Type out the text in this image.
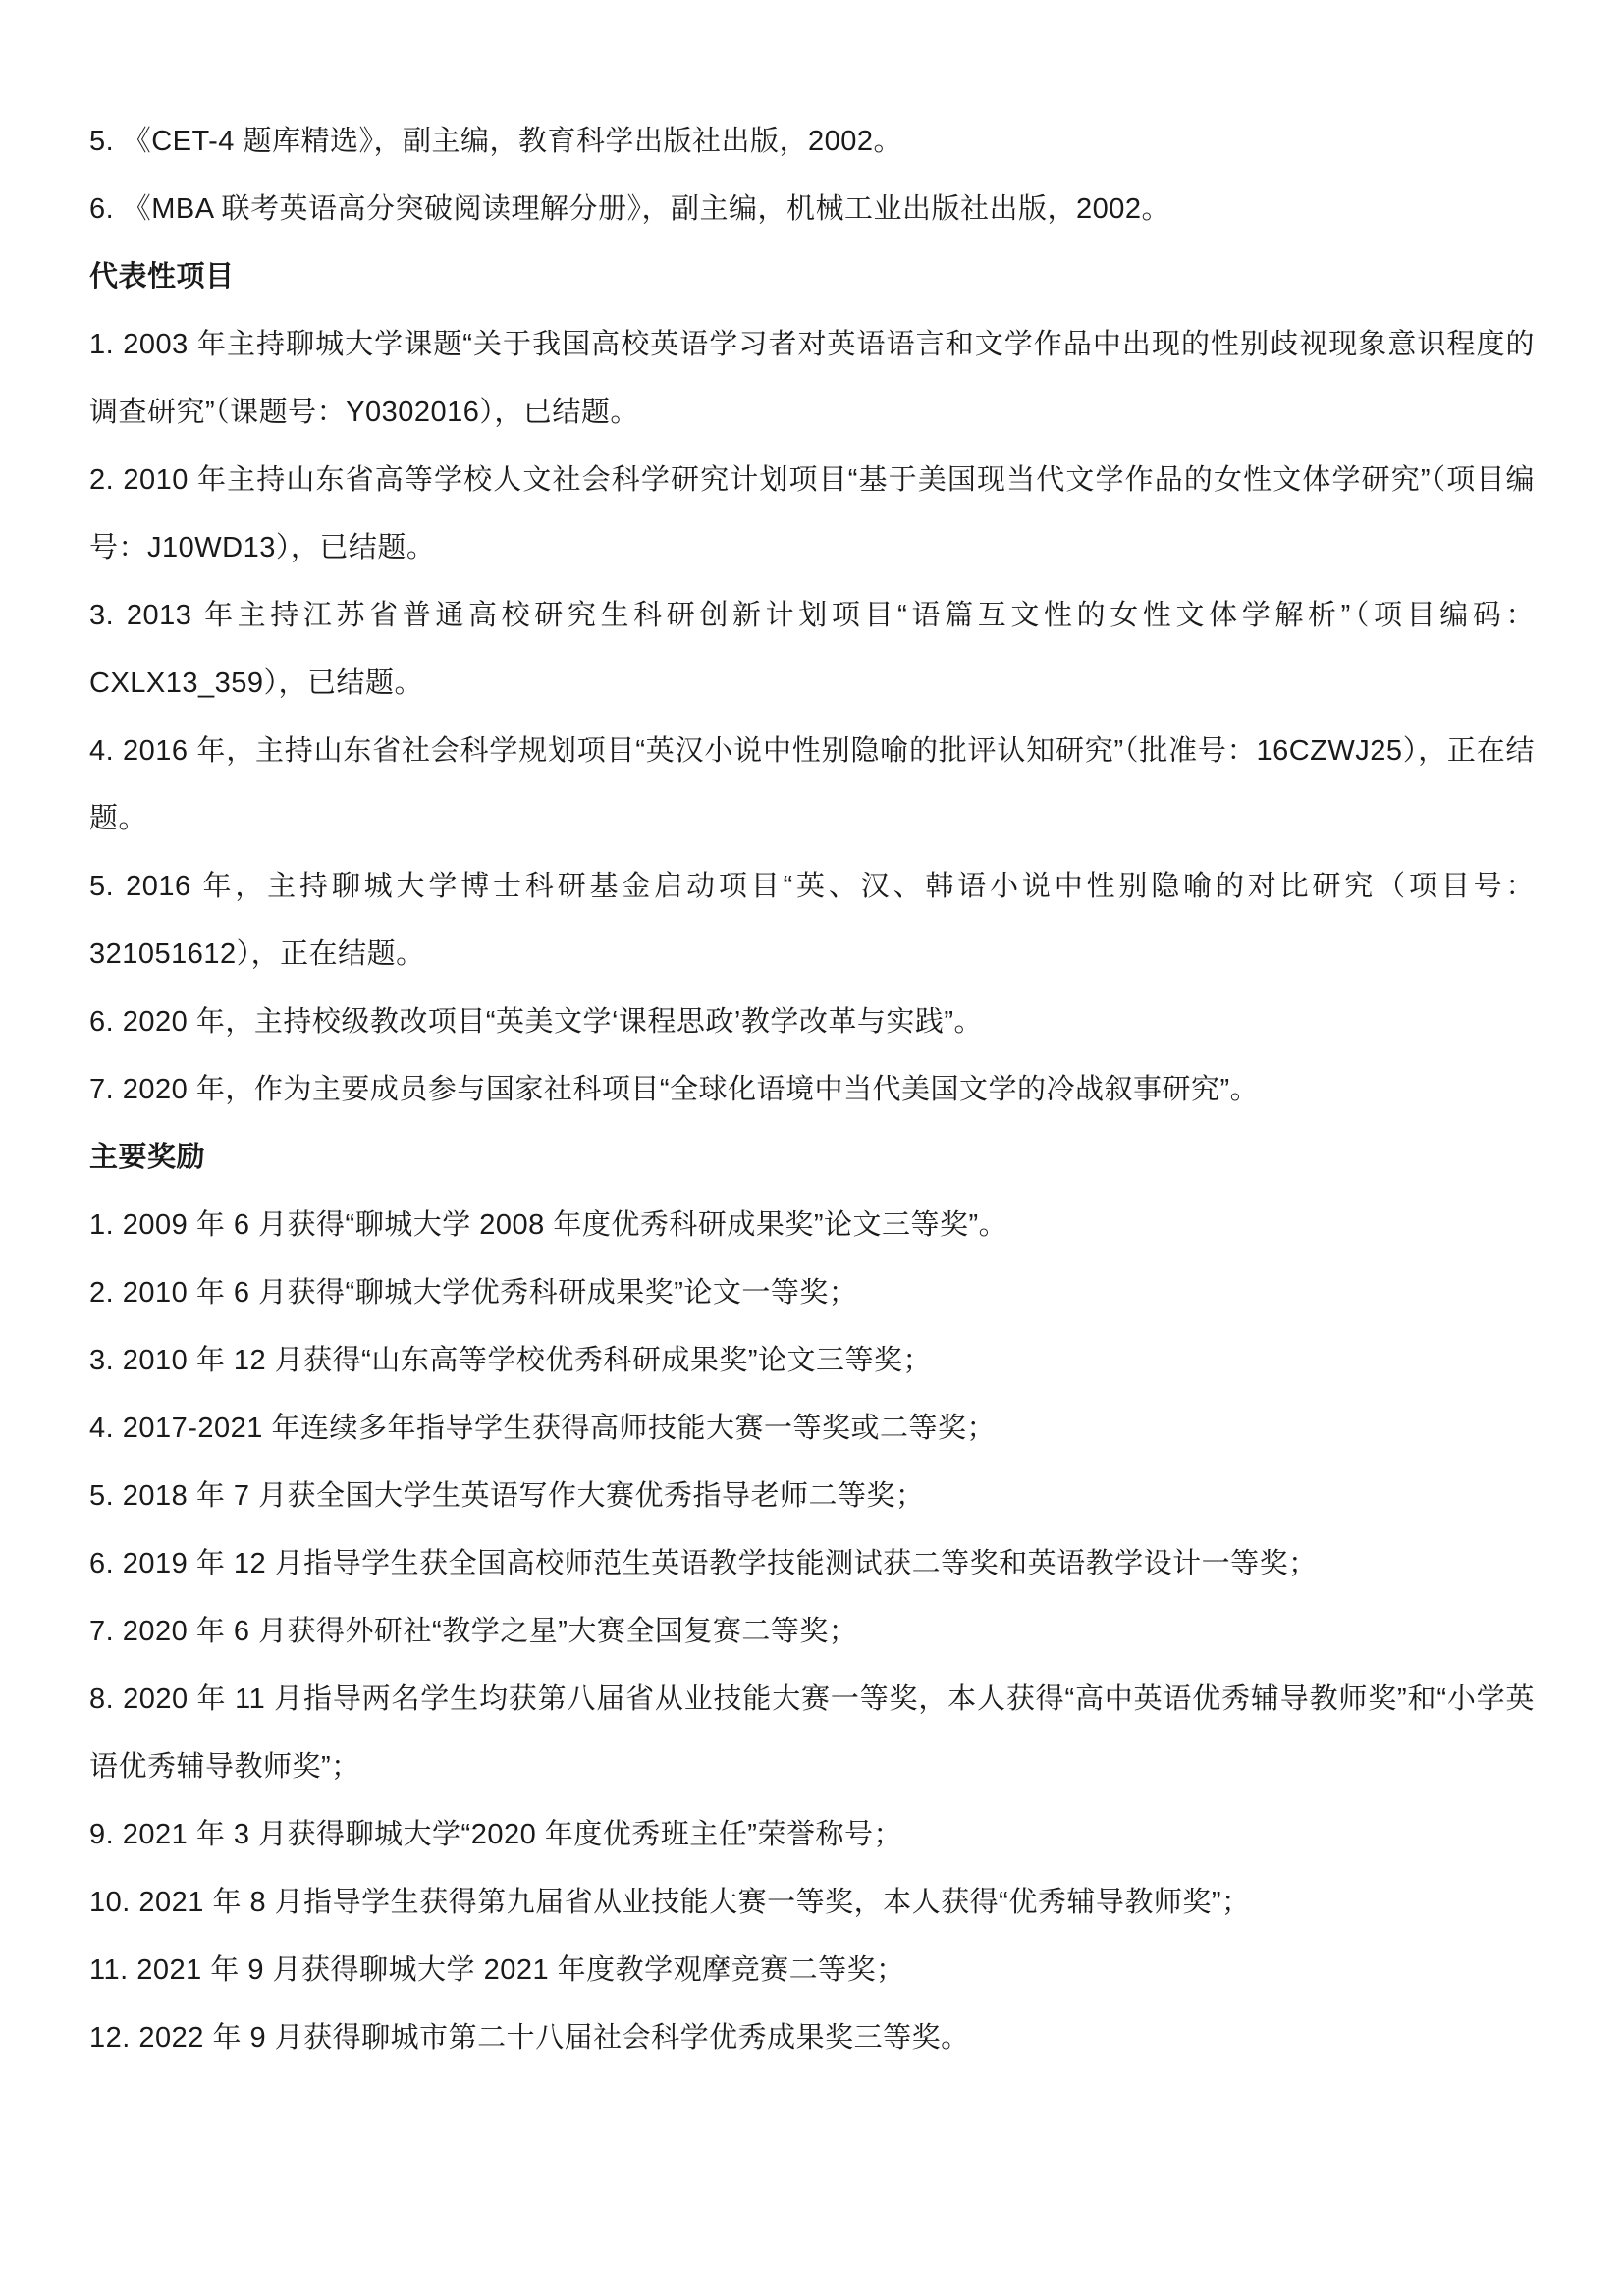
5. 《CET-4 题库精选》，副主编，教育科学出版社出版，2002。

6. 《MBA 联考英语高分突破阅读理解分册》，副主编，机械工业出版社出版，2002。

代表性项目

1. 2003 年主持聊城大学课题“关于我国高校英语学习者对英语语言和文学作品中出现的性别歧视现象意识程度的调查研究”（课题号：Y0302016），已结题。

2. 2010 年主持山东省高等学校人文社会科学研究计划项目“基于美国现当代文学作品的女性文体学研究”（项目编号：J10WD13），已结题。

3. 2013 年主持江苏省普通高校研究生科研创新计划项目“语篇互文性的女性文体学解析”（项目编码：CXLX13_359），已结题。

4. 2016 年，主持山东省社会科学规划项目“英汉小说中性别隐喻的批评认知研究”（批准号：16CZWJ25），正在结题。

5. 2016 年，主持聊城大学博士科研基金启动项目“英、汉、韩语小说中性别隐喻的对比研究（项目号：321051612），正在结题。

6. 2020 年，主持校级教改项目“英美文学‘课程思政’教学改革与实践”。

7. 2020 年，作为主要成员参与国家社科项目“全球化语境中当代美国文学的冷战叙事研究”。

主要奖励

1. 2009 年 6 月获得“聊城大学 2008 年度优秀科研成果奖”论文三等奖”。

2. 2010 年 6 月获得“聊城大学优秀科研成果奖”论文一等奖；

3. 2010 年 12 月获得“山东高等学校优秀科研成果奖”论文三等奖；

4. 2017-2021 年连续多年指导学生获得高师技能大赛一等奖或二等奖；

5. 2018 年 7 月获全国大学生英语写作大赛优秀指导老师二等奖；

6. 2019 年 12 月指导学生获全国高校师范生英语教学技能测试获二等奖和英语教学设计一等奖；

7. 2020 年 6 月获得外研社“教学之星”大赛全国复赛二等奖；

8. 2020 年 11 月指导两名学生均获第八届省从业技能大赛一等奖，本人获得“高中英语优秀辅导教师奖”和“小学英语优秀辅导教师奖”；

9. 2021 年 3 月获得聊城大学“2020 年度优秀班主任”荣誉称号；

10. 2021 年 8 月指导学生获得第九届省从业技能大赛一等奖，本人获得“优秀辅导教师奖”；

11. 2021 年 9 月获得聊城大学 2021 年度教学观摩竞赛二等奖；

12. 2022 年 9 月获得聊城市第二十八届社会科学优秀成果奖三等奖。
